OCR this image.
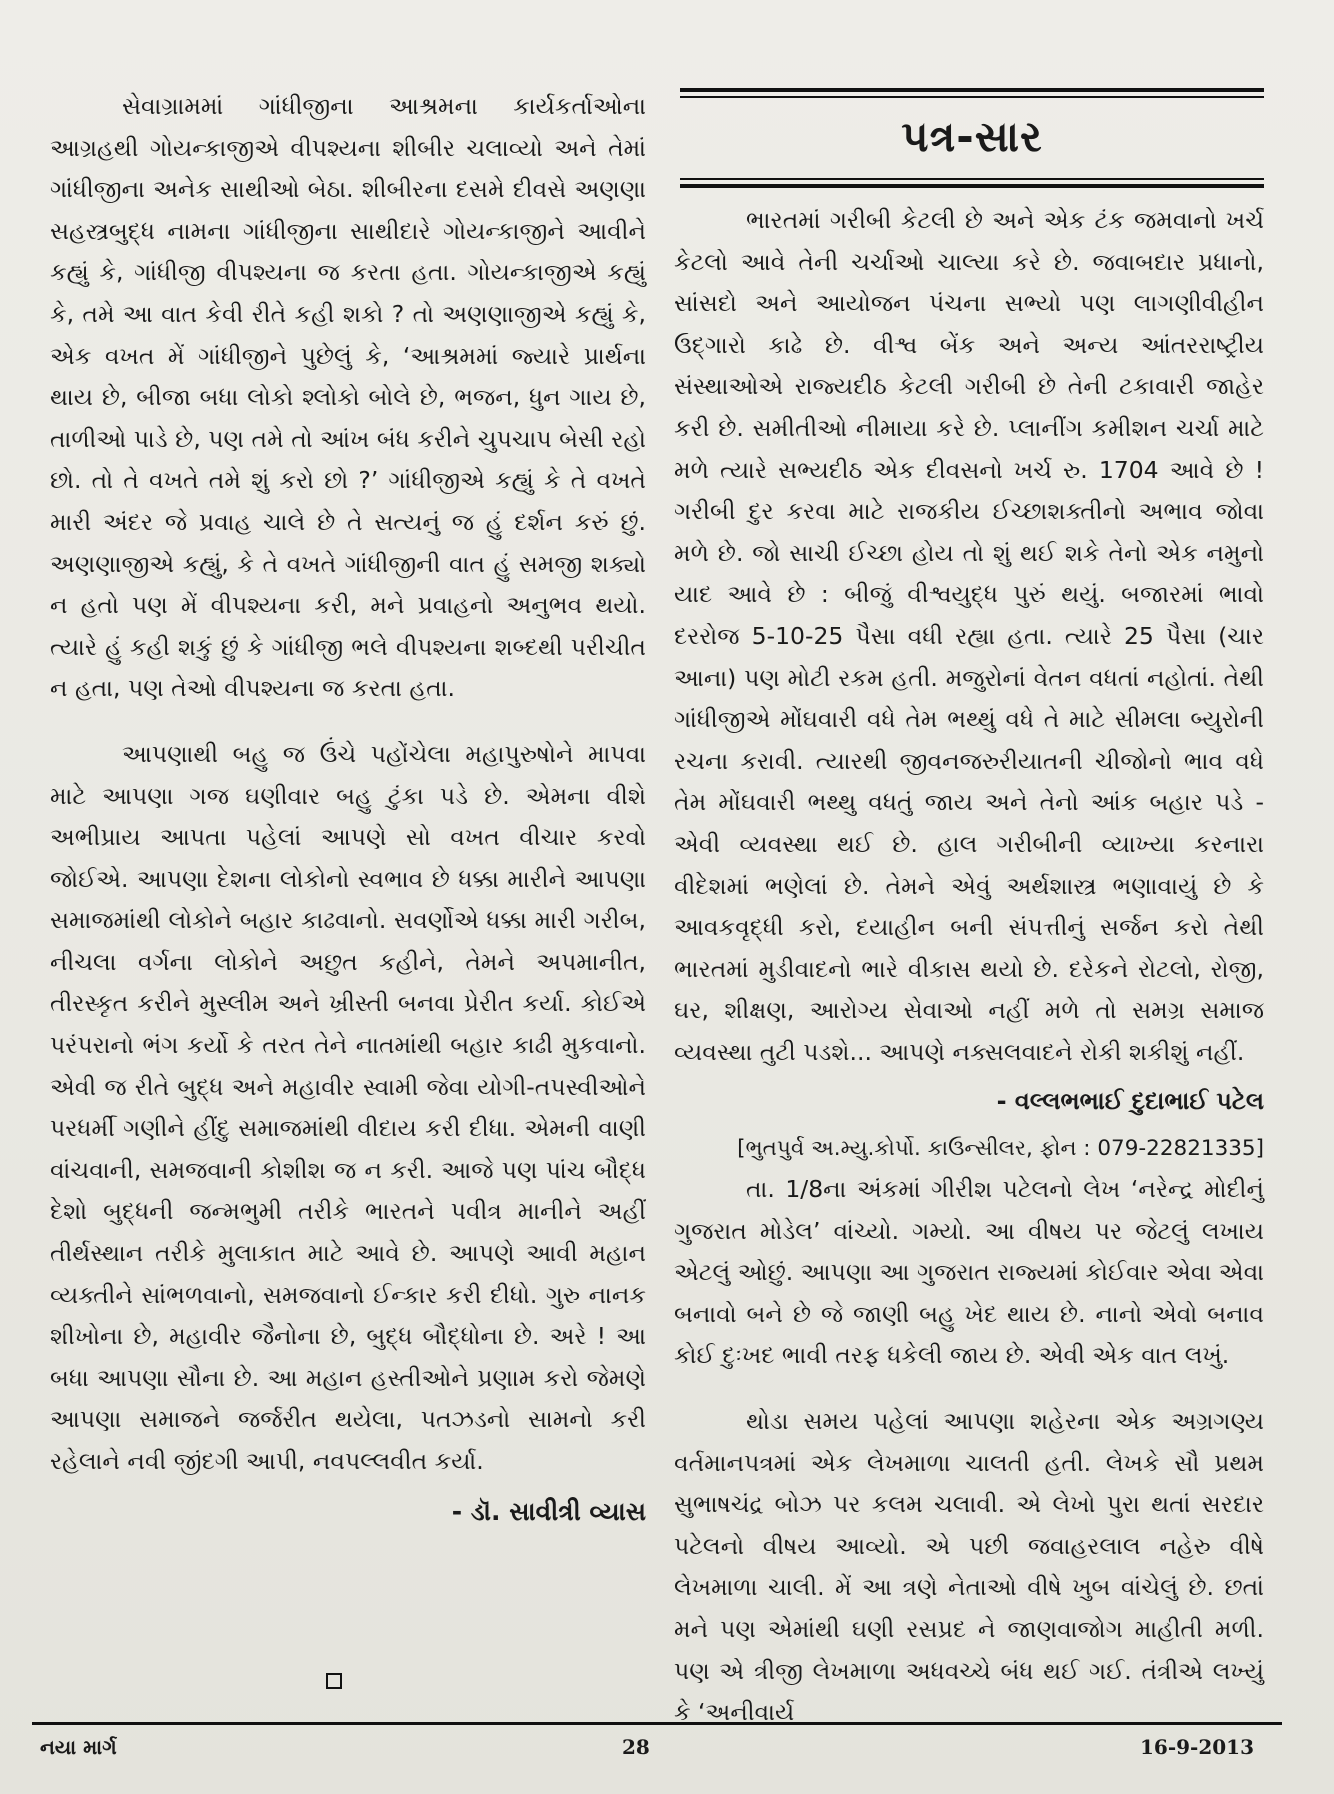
સેવાગ્રામમાં ગાંધીજીના આશ્રમના કાર્યકર્તાઓના આગ્રહથી ગોયન્કાજીએ વીપશ્યના શીબીર ચલાવ્યો અને તેમાં ગાંધીજીના અનેક સાથીઓ બેઠા. શીબીરના દસમે દીવસે અણણા સહસ્ત્રબુદ્ધ નામના ગાંધીજીના સાથીદારે ગોયન્કાજીને આવીને કહ્યું કે, ગાંધીજી વીપશ્યના જ કરતા હતા. ગોયન્કાજીએ કહ્યું કે, તમે આ વાત કેવી રીતે કહી શકો ? તો અણણાજીએ કહ્યું કે, એક વખત મેં ગાંધીજીને પુછેલું કે, ‘આશ્રમમાં જ્યારે પ્રાર્થના થાય છે, બીજા બધા લોકો શ્લોકો બોલે છે, ભજન, ધુન ગાય છે, તાળીઓ પાડે છે, પણ તમે તો આંખ બંધ કરીને ચુપચાપ બેસી રહો છો. તો તે વખતે તમે શું કરો છો ?’ ગાંધીજીએ કહ્યું કે તે વખતે મારી અંદર જે પ્રવાહ ચાલે છે તે સત્યનું જ હું દર્શન કરું છું. અણણાજીએ કહ્યું, કે તે વખતે ગાંધીજીની વાત હું સમજી શક્યો ન હતો પણ મેં વીપશ્યના કરી, મને પ્રવાહનો અનુભવ થયો. ત્યારે હું કહી શકું છું કે ગાંધીજી ભલે વીપશ્યના શબ્દથી પરીચીત ન હતા, પણ તેઓ વીપશ્યના જ કરતા હતા.

આપણાથી બહુ જ ઉંચે પહોંચેલા મહાપુરુષોને માપવા માટે આપણા ગજ ઘણીવાર બહુ ટુંકા પડે છે. એમના વીશે અભીપ્રાય આપતા પહેલાં આપણે સો વખત વીચાર કરવો જોઈએ. આપણા દેશના લોકોનો સ્વભાવ છે ધક્કા મારીને આપણા સમાજમાંથી લોકોને બહાર કાઢવાનો. સવર્ણોએ ધક્કા મારી ગરીબ, નીચલા વર્ગના લોકોને અછુત કહીને, તેમને અપમાનીત, તીરસ્કૃત કરીને મુસ્લીમ અને ખ્રીસ્તી બનવા પ્રેરીત કર્યા. કોઈએ પરંપરાનો ભંગ કર્યો કે તરત તેને નાતમાંથી બહાર કાઢી મુકવાનો. એવી જ રીતે બુદ્ધ અને મહાવીર સ્વામી જેવા યોગી-તપસ્વીઓને પરધર્મી ગણીને હીંદુ સમાજમાંથી વીદાય કરી દીધા. એમની વાણી વાંચવાની, સમજવાની કોશીશ જ ન કરી. આજે પણ પાંચ બૌદ્ધ દેશો બુદ્ધની જન્મભુમી તરીકે ભારતને પવીત્ર માનીને અહીં તીર્થસ્થાન તરીકે મુલાકાત માટે આવે છે. આપણે આવી મહાન વ્યક્તીને સાંભળવાનો, સમજવાનો ઈન્કાર કરી દીધો. ગુરુ નાનક શીખોના છે, મહાવીર જૈનોના છે, બુદ્ધ બૌદ્ધોના છે. અરે ! આ બધા આપણા સૌના છે. આ મહાન હસ્તીઓને પ્રણામ કરો જેમણે આપણા સમાજને જર્જરીત થયેલા, પતઝડનો સામનો કરી રહેલાને નવી જીંદગી આપી, નવપલ્લવીત કર્યા.

- ડૉ. સાવીત્રી વ્યાસ
પત્ર-સાર

ભારતમાં ગરીબી કેટલી છે અને એક ટંક જમવાનો ખર્ચ કેટલો આવે તેની ચર્ચાઓ ચાલ્યા કરે છે. જવાબદાર પ્રધાનો, સાંસદો અને આયોજન પંચના સભ્યો પણ લાગણીવીહીન ઉદ્ગારો કાઢે છે. વીશ્વ બેંક અને અન્ય આંતરરાષ્ટ્રીય સંસ્થાઓએ રાજ્યદીઠ કેટલી ગરીબી છે તેની ટકાવારી જાહેર કરી છે. સમીતીઓ નીમાયા કરે છે. પ્લાનીંગ કમીશન ચર્ચા માટે મળે ત્યારે સભ્યદીઠ એક દીવસનો ખર્ચ રુ. 1704 આવે છે ! ગરીબી દુર કરવા માટે રાજકીય ઈચ્છાશક્તીનો અભાવ જોવા મળે છે. જો સાચી ઈચ્છા હોય તો શું થઈ શકે તેનો એક નમુનો યાદ આવે છે : બીજું વીશ્વયુદ્ધ પુરું થયું. બજારમાં ભાવો દરરોજ 5-10-25 પૈસા વધી રહ્યા હતા. ત્યારે 25 પૈસા (ચાર આના) પણ મોટી રકમ હતી. મજુરોનાં વેતન વધતાં નહોતાં. તેથી ગાંધીજીએ મોંઘવારી વધે તેમ ભથ્થું વધે તે માટે સીમલા બ્યુરોની રચના કરાવી. ત્યારથી જીવનજરુરીયાતની ચીજોનો ભાવ વધે તેમ મોંઘવારી ભથ્થુ વધતું જાય અને તેનો આંક બહાર પડે - એવી વ્યવસ્થા થઈ છે. હાલ ગરીબીની વ્યાખ્યા કરનારા વીદેશમાં ભણેલાં છે. તેમને એવું અર્થશાસ્ત્ર ભણાવાયું છે કે આવકવૃદ્ધી કરો, દયાહીન બની સંપત્તીનું સર્જન કરો તેથી ભારતમાં મુડીવાદનો ભારે વીકાસ થયો છે. દરેકને રોટલો, રોજી, ઘર, શીક્ષણ, આરોગ્ય સેવાઓ નહીં મળે તો સમગ્ર સમાજ વ્યવસ્થા તુટી પડશે... આપણે નક્સલવાદને રોકી શકીશું નહીં.

- વલ્લભભાઈ દુદાભાઈ પટેલ
[ભુતપુર્વ અ.મ્યુ.કોર્પો. કાઉન્સીલર, ફોન : 079-22821335]

તા. 1/8ના અંકમાં ગીરીશ પટેલનો લેખ ‘નરેન્દ્ર મોદીનું ગુજરાત મોડેલ’ વાંચ્યો. ગમ્યો. આ વીષય પર જેટલું લખાય એટલું ઓછું. આપણા આ ગુજરાત રાજ્યમાં કોઈવાર એવા એવા બનાવો બને છે જે જાણી બહુ ખેદ થાય છે. નાનો એવો બનાવ કોઈ દુઃખદ ભાવી તરફ ધકેલી જાય છે. એવી એક વાત લખું.

થોડા સમય પહેલાં આપણા શહેરના એક અગ્રગણ્ય વર્તમાનપત્રમાં એક લેખમાળા ચાલતી હતી. લેખકે સૌ પ્રથમ સુભાષચંદ્ર બોઝ પર કલમ ચલાવી. એ લેખો પુરા થતાં સરદાર પટેલનો વીષય આવ્યો. એ પછી જવાહરલાલ નહેરુ વીષે લેખમાળા ચાલી. મેં આ ત્રણે નેતાઓ વીષે ખુબ વાંચેલું છે. છતાં મને પણ એમાંથી ઘણી રસપ્રદ ને જાણવાજોગ માહીતી મળી. પણ એ ત્રીજી લેખમાળા અધવચ્ચે બંધ થઈ ગઈ. તંત્રીએ લખ્યું કે ‘અનીવાર્ય

નયા માર્ગ	28	16-9-2013
